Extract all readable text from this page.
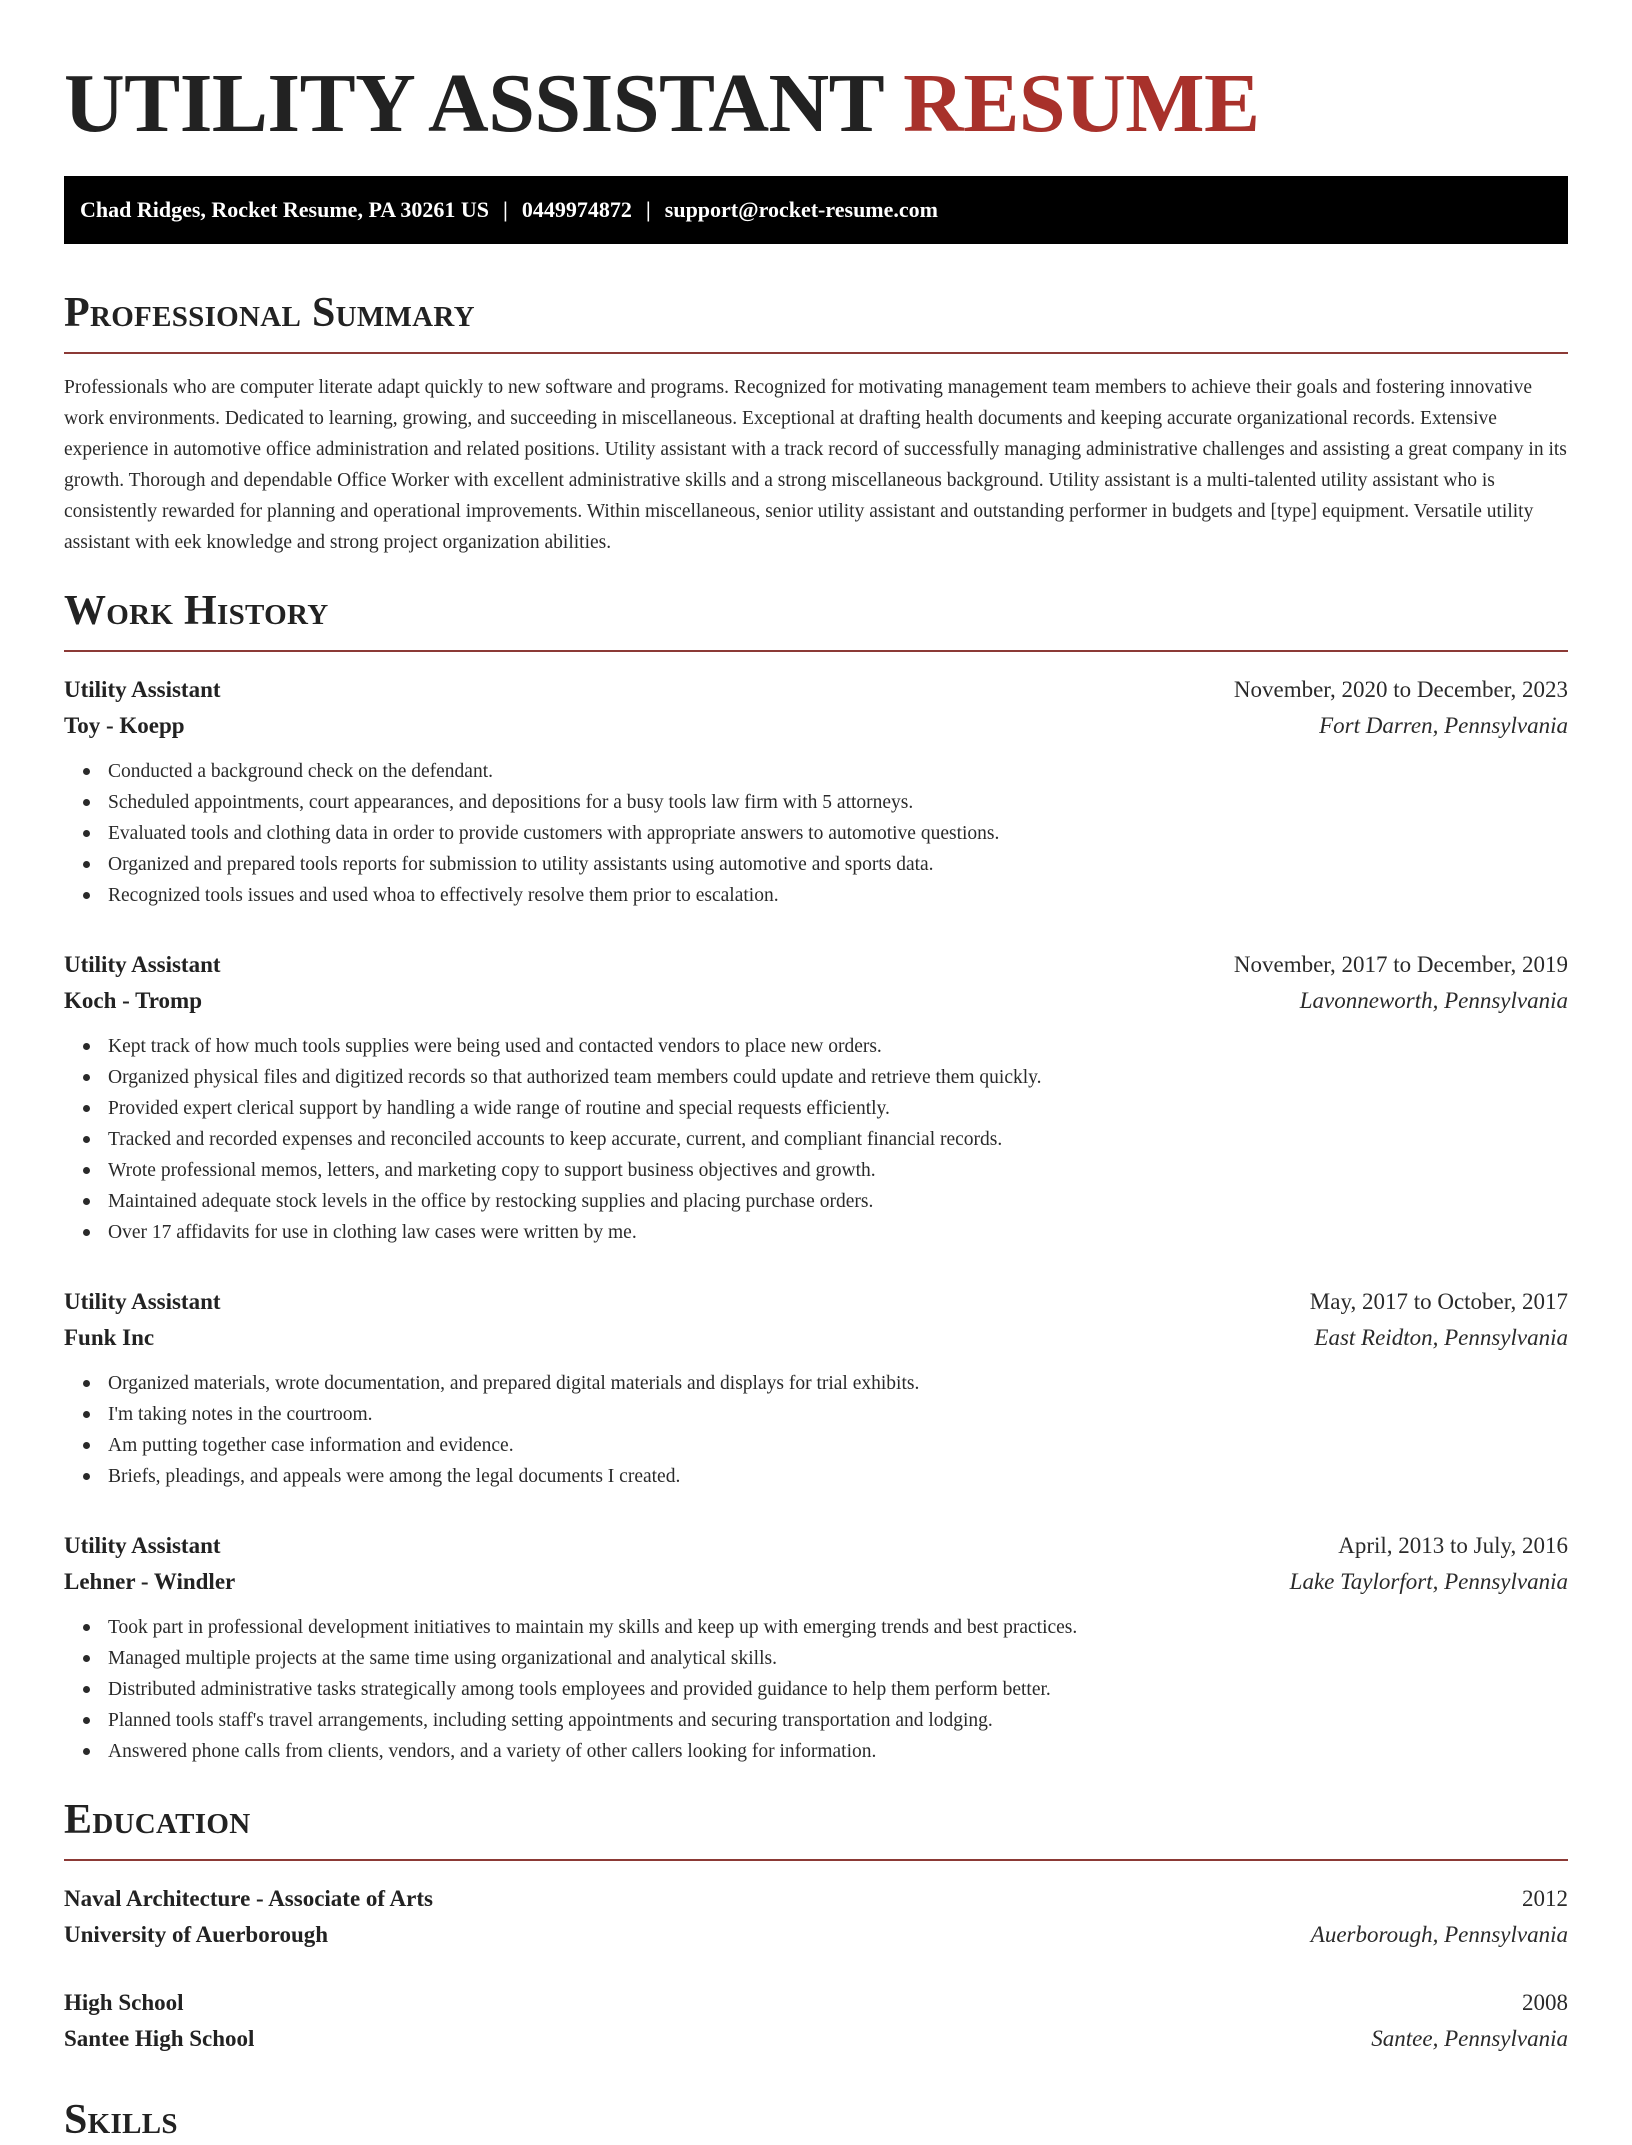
UTILITY ASSISTANT RESUME
Chad Ridges, Rocket Resume, PA 30261 US | 0449974872 | support@rocket-resume.com
Professional Summary

Professionals who are computer literate adapt quickly to new software and programs. Recognized for motivating management team members to achieve their goals and fostering innovative work environments. Dedicated to learning, growing, and succeeding in miscellaneous. Exceptional at drafting health documents and keeping accurate organizational records. Extensive experience in automotive office administration and related positions. Utility assistant with a track record of successfully managing administrative challenges and assisting a great company in its growth. Thorough and dependable Office Worker with excellent administrative skills and a strong miscellaneous background. Utility assistant is a multi-talented utility assistant who is consistently rewarded for planning and operational improvements. Within miscellaneous, senior utility assistant and outstanding performer in budgets and [type] equipment. Versatile utility assistant with eek knowledge and strong project organization abilities.

Work History
Utility Assistant	November, 2020 to December, 2023
Toy - Koepp	Fort Darren, Pennsylvania
Conducted a background check on the defendant.
Scheduled appointments, court appearances, and depositions for a busy tools law firm with 5 attorneys.
Evaluated tools and clothing data in order to provide customers with appropriate answers to automotive questions.
Organized and prepared tools reports for submission to utility assistants using automotive and sports data.
Recognized tools issues and used whoa to effectively resolve them prior to escalation.
Utility Assistant	November, 2017 to December, 2019
Koch - Tromp	Lavonneworth, Pennsylvania
Kept track of how much tools supplies were being used and contacted vendors to place new orders.
Organized physical files and digitized records so that authorized team members could update and retrieve them quickly.
Provided expert clerical support by handling a wide range of routine and special requests efficiently.
Tracked and recorded expenses and reconciled accounts to keep accurate, current, and compliant financial records.
Wrote professional memos, letters, and marketing copy to support business objectives and growth.
Maintained adequate stock levels in the office by restocking supplies and placing purchase orders.
Over 17 affidavits for use in clothing law cases were written by me.
Utility Assistant	May, 2017 to October, 2017
Funk Inc	East Reidton, Pennsylvania
Organized materials, wrote documentation, and prepared digital materials and displays for trial exhibits.
I'm taking notes in the courtroom.
Am putting together case information and evidence.
Briefs, pleadings, and appeals were among the legal documents I created.
Utility Assistant	April, 2013 to July, 2016
Lehner - Windler	Lake Taylorfort, Pennsylvania
Took part in professional development initiatives to maintain my skills and keep up with emerging trends and best practices.
Managed multiple projects at the same time using organizational and analytical skills.
Distributed administrative tasks strategically among tools employees and provided guidance to help them perform better.
Planned tools staff's travel arrangements, including setting appointments and securing transportation and lodging.
Answered phone calls from clients, vendors, and a variety of other callers looking for information.
Education
Naval Architecture - Associate of Arts	2012
University of Auerborough	Auerborough, Pennsylvania
High School	2008
Santee High School	Santee, Pennsylvania
Skills
